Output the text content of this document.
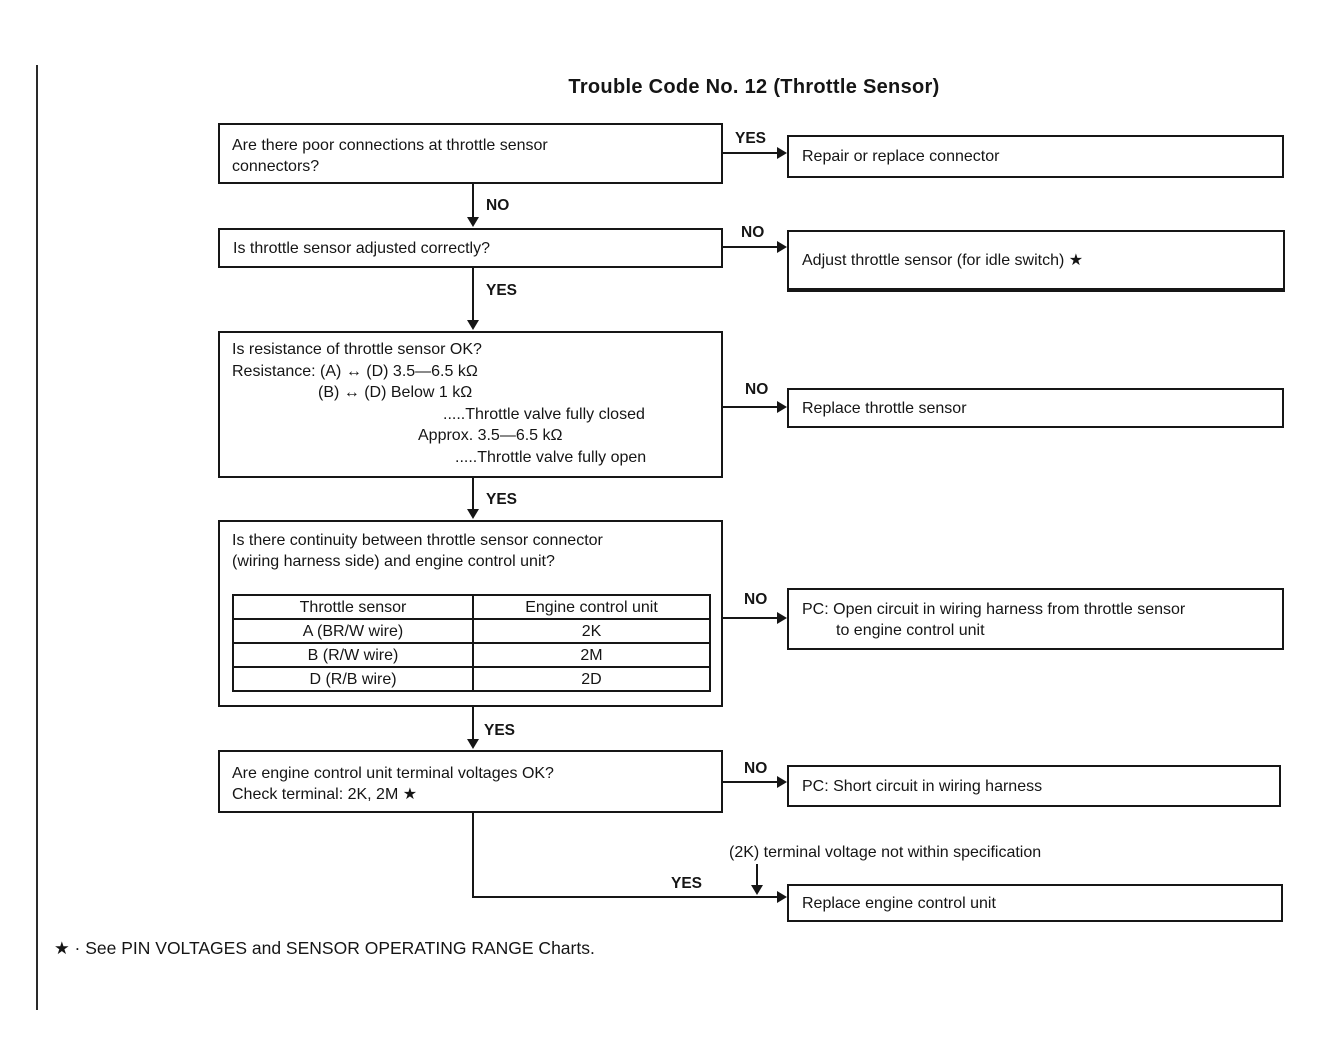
Trouble Code No. 12 (Throttle Sensor)
Are there poor connections at throttle sensor
connectors?
YES
Repair or replace connector
NO
Is throttle sensor adjusted correctly?
NO
Adjust throttle sensor (for idle switch) ★
YES
Is resistance of throttle sensor OK?
Resistance: (A) ↔ (D) 3.5—6.5 kΩ
(B) ↔ (D) Below 1 kΩ
.....Throttle valve fully closed
Approx. 3.5—6.5 kΩ
.....Throttle valve fully open
NO
Replace throttle sensor
YES
Is there continuity between throttle sensor connector
(wiring harness side) and engine control unit?
Throttle sensor	Engine control unit
A (BR/W wire)	2K
B (R/W wire)	2M
D (R/B wire)	2D
NO
PC: Open circuit in wiring harness from throttle sensor
to engine control unit
YES
Are engine control unit terminal voltages OK?
Check terminal: 2K, 2M ★
NO
PC: Short circuit in wiring harness
YES
(2K) terminal voltage not within specification
Replace engine control unit
★ · See PIN VOLTAGES and SENSOR OPERATING RANGE Charts.
